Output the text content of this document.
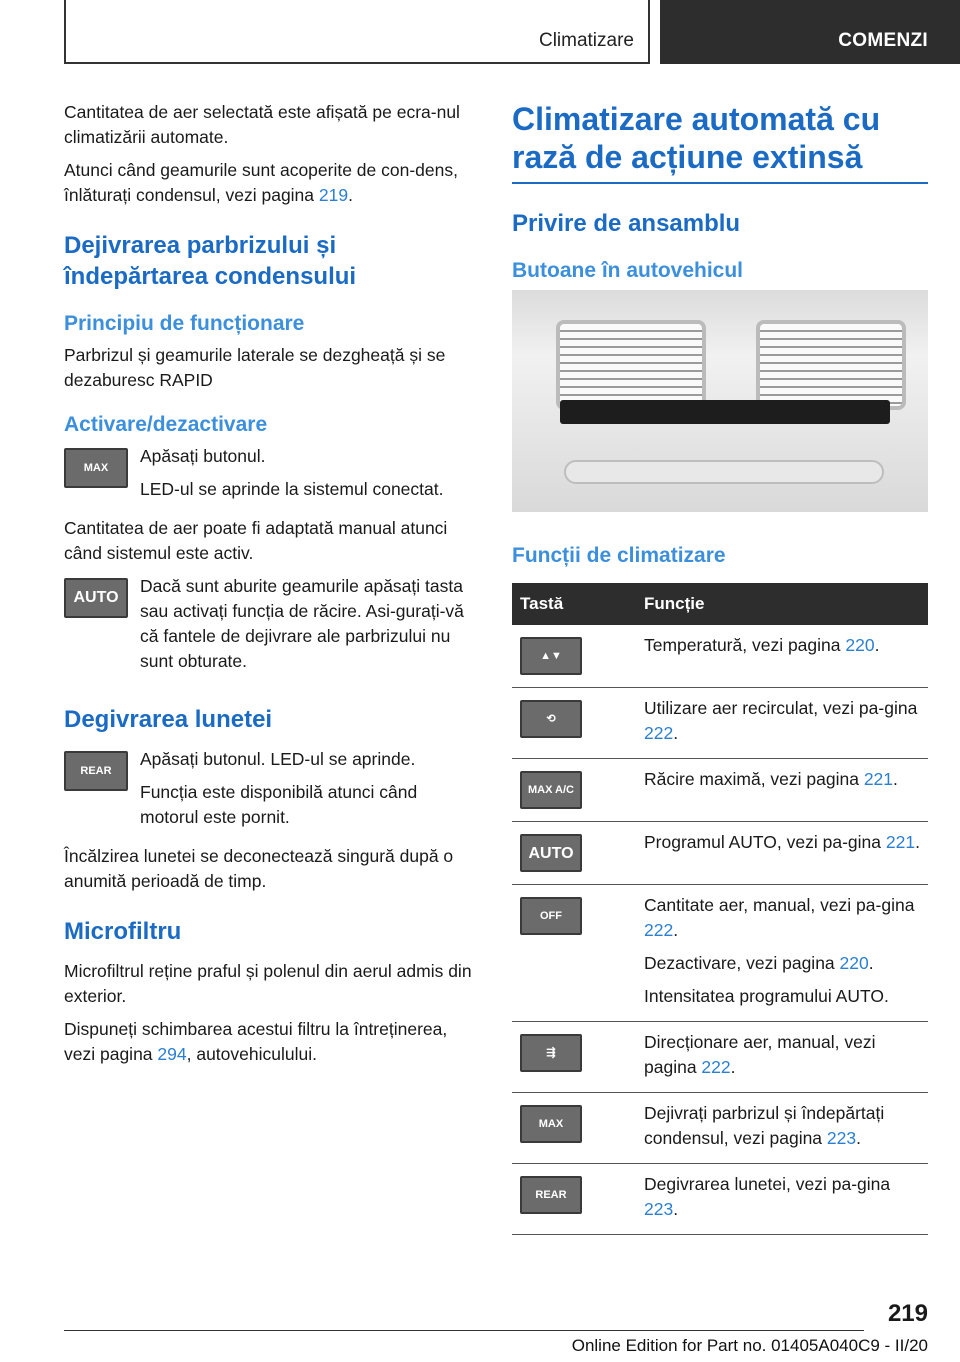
Climatizare	COMENZI

Cantitatea de aer selectată este afișată pe ecra-nul climatizării automate.

Atunci când geamurile sunt acoperite de con-dens, înlăturați condensul, vezi pagina 219.

Dejivrarea parbrizului și îndepărtarea condensului
Principiu de funcționare

Parbrizul și geamurile laterale se dezgheață și se dezaburesc RAPID

Activare/dezactivare
MAX

Apăsați butonul.

LED-ul se aprinde la sistemul conectat.

Cantitatea de aer poate fi adaptată manual atunci când sistemul este activ.

AUTO

Dacă sunt aburite geamurile apăsați tasta sau activați funcția de răcire. Asi-gurați-vă că fantele de dejivrare ale parbrizului nu sunt obturate.

Degivrarea lunetei
REAR

Apăsați butonul. LED-ul se aprinde.

Funcția este disponibilă atunci când motorul este pornit.

Încălzirea lunetei se deconectează singură după o anumită perioadă de timp.

Microfiltru

Microfiltrul reține praful și polenul din aerul admis din exterior.

Dispuneți schimbarea acestui filtru la întreținerea, vezi pagina 294, autovehiculului.

Climatizare automată cu rază de acțiune extinsă
Privire de ansamblu
Butoane în autovehicul
Funcții de climatizare
Tastă	Funcție

▲▼	Temperatură, vezi pagina 220.

⟲	Utilizare aer recirculat, vezi pa-gina 222.

MAX A/C	Răcire maximă, vezi pagina 221.

AUTO	Programul AUTO, vezi pa-gina 221.

OFF	Cantitate aer, manual, vezi pa-gina 222.

Dezactivare, vezi pagina 220.

Intensitatea programului AUTO.

⇶	Direcționare aer, manual, vezi pagina 222.

MAX	Dejivrați parbrizul și îndepărtați condensul, vezi pagina 223.

REAR	Degivrarea lunetei, vezi pa-gina 223.

219
Online Edition for Part no. 01405A040C9 - II/20
